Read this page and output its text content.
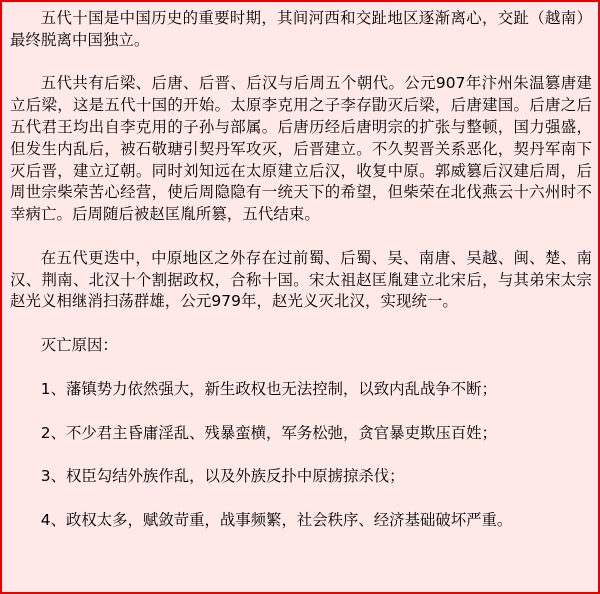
五代十国是中国历史的重要时期，其间河西和交趾地区逐渐离心，交趾（越南）最终脱离中国独立。

五代共有后梁、后唐、后晋、后汉与后周五个朝代。公元907年汴州朱温篡唐建立后梁，这是五代十国的开始。太原李克用之子李存勖灭后梁，后唐建国。后唐之后五代君王均出自李克用的子孙与部属。后唐历经后唐明宗的扩张与整顿，国力强盛，但发生内乱后，被石敬瑭引契丹军攻灭，后晋建立。不久契晋关系恶化，契丹军南下灭后晋，建立辽朝。同时刘知远在太原建立后汉，收复中原。郭威篡后汉建后周，后周世宗柴荣苦心经营，使后周隐隐有一统天下的希望，但柴荣在北伐燕云十六州时不幸病亡。后周随后被赵匡胤所篡，五代结束。

在五代更迭中，中原地区之外存在过前蜀、后蜀、吴、南唐、吴越、闽、楚、南汉、荆南、北汉十个割据政权，合称十国。宋太祖赵匡胤建立北宋后，与其弟宋太宗赵光义相继消扫荡群雄，公元979年，赵光义灭北汉，实现统一。

灭亡原因：

1、藩镇势力依然强大，新生政权也无法控制，以致内乱战争不断；

2、不少君主昏庸淫乱、残暴蛮横，军务松弛，贪官暴吏欺压百姓；

3、权臣勾结外族作乱，以及外族反扑中原掳掠杀伐；

4、政权太多，赋敛苛重，战事频繁，社会秩序、经济基础破坏严重。
